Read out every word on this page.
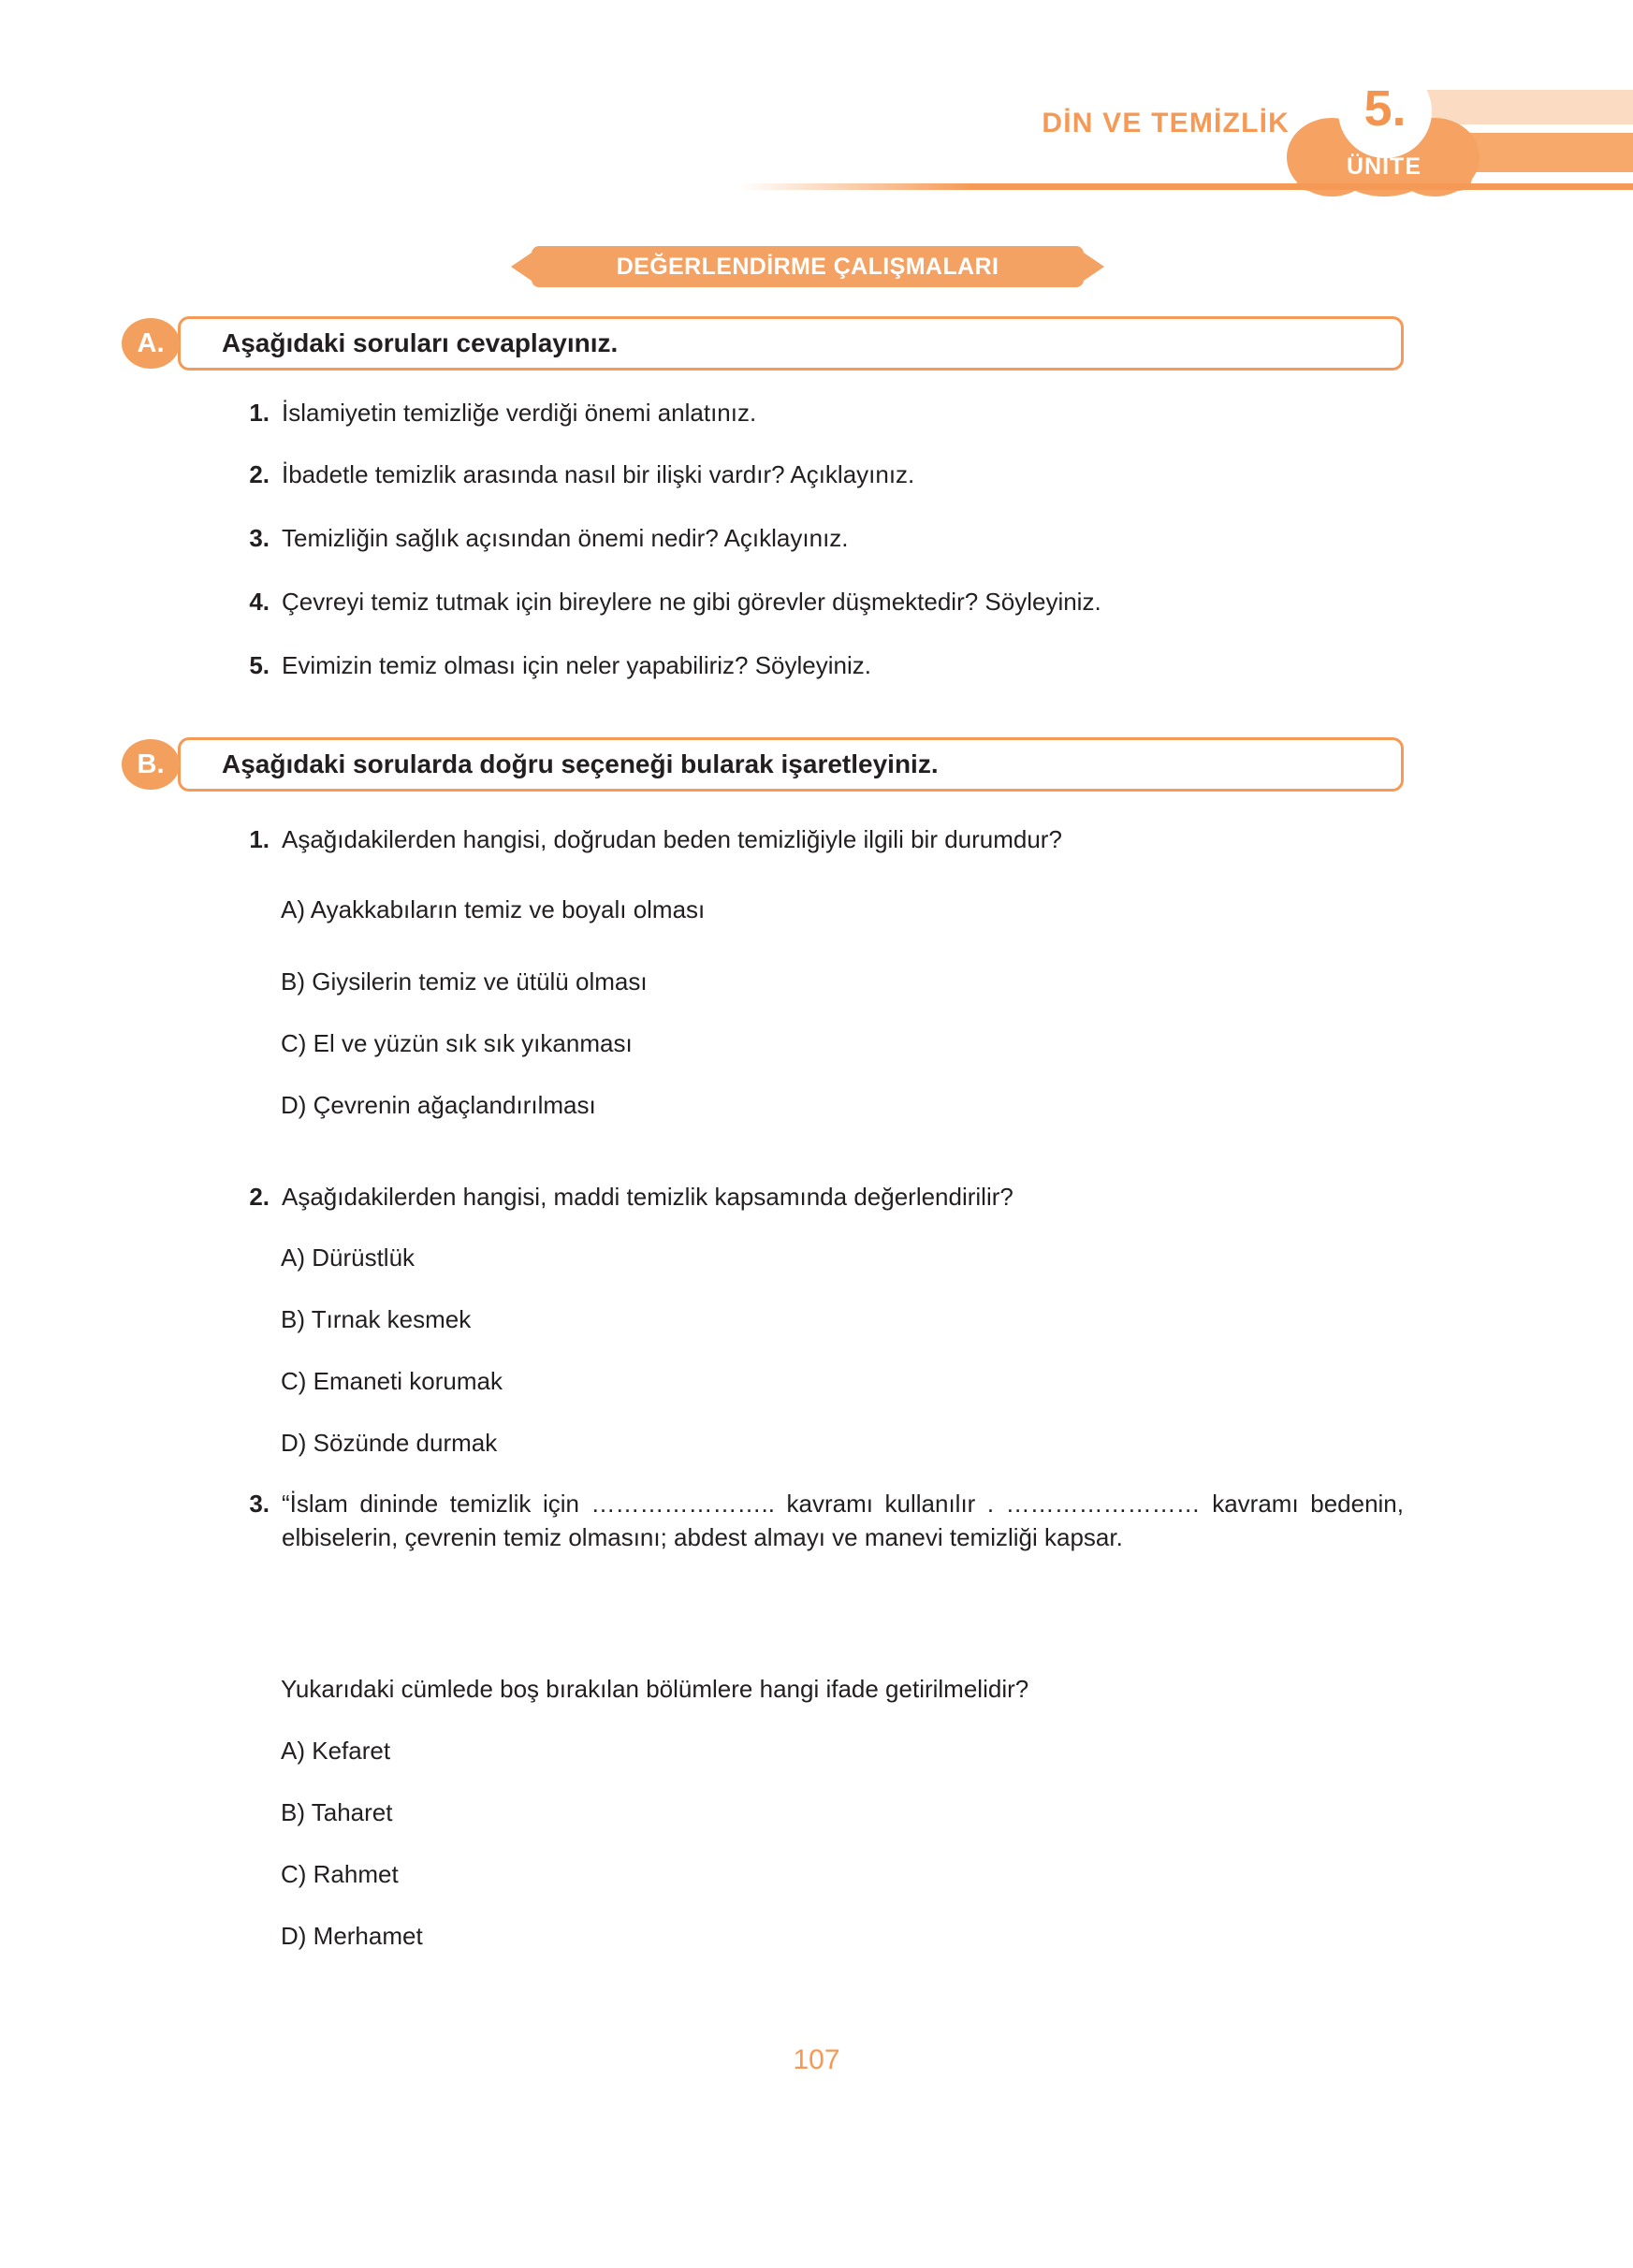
DİN VE TEMİZLİK 5.
ÜNİTE
DEĞERLENDİRME ÇALIŞMALARI
A.	Aşağıdaki soruları cevaplayınız.
1. İslamiyetin temizliğe verdiği önemi anlatınız.
2. İbadetle temizlik arasında nasıl bir ilişki vardır? Açıklayınız.
3. Temizliğin sağlık açısından önemi nedir? Açıklayınız.
4. Çevreyi temiz tutmak için bireylere ne gibi görevler düşmektedir? Söyleyiniz.
5. Evimizin temiz olması için neler yapabiliriz? Söyleyiniz.
B.	Aşağıdaki sorularda doğru seçeneği bularak işaretleyiniz.
1. Aşağıdakilerden hangisi, doğrudan beden temizliğiyle ilgili bir durumdur?
A) Ayakkabıların temiz ve boyalı olması
B) Giysilerin temiz ve ütülü olması
C) El ve yüzün sık sık yıkanması
D) Çevrenin ağaçlandırılması
2. Aşağıdakilerden hangisi, maddi temizlik kapsamında değerlendirilir?
A) Dürüstlük
B) Tırnak kesmek
C) Emaneti korumak
D) Sözünde durmak
3. “İslam dininde temizlik için ………………….. kavramı kullanılır . …………………… kavramı bedenin, elbiselerin, çevrenin temiz olmasını; abdest almayı ve manevi temizliği kapsar.
Yukarıdaki cümlede boş bırakılan bölümlere hangi ifade getirilmelidir?
A) Kefaret
B) Taharet
C) Rahmet
D) Merhamet
107
